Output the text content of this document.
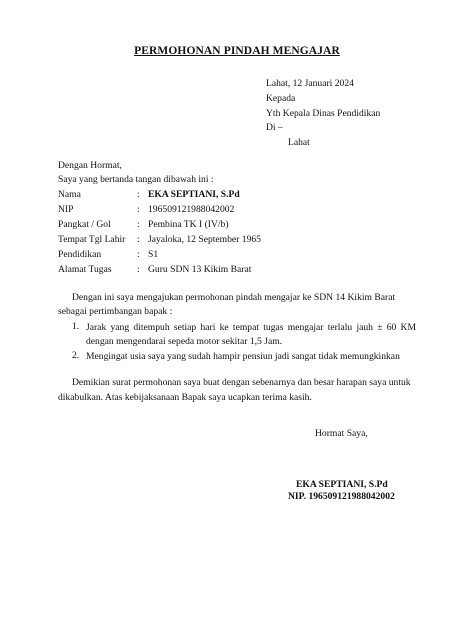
PERMOHONAN PINDAH MENGAJAR
Lahat, 12 Januari 2024
Kepada
Yth Kepala Dinas Pendidikan
Di –
Lahat
Dengan Hormat,
Saya yang bertanda tangan dibawah ini :
Nama	: EKA SEPTIANI, S.Pd
NIP	: 196509121988042002
Pangkat / Gol	: Pembina TK I (IV/b)
Tempat Tgl Lahir : Jayaloka, 12 September 1965
Pendidikan	: S1
Alamat Tugas	: Guru SDN 13 Kikim Barat
Dengan ini saya mengajukan permohonan pindah mengajar ke SDN 14 Kikim Barat
sebagai pertimbangan bapak :
1. Jarak yang ditempuh setiap hari ke tempat tugas mengajar terlalu jauh ± 60 KM dengan mengendarai sepeda motor sekitar 1,5 Jam.
2. Mengingat usia saya yang sudah hampir pensiun jadi sangat tidak memungkinkan
Demikian surat permohonan saya buat dengan sebenarnya dan besar harapan saya untuk
dikabulkan. Atas kebijaksanaan Bapak saya ucapkan terima kasih.
Hormat Saya,
EKA SEPTIANI, S.Pd
NIP. 196509121988042002
